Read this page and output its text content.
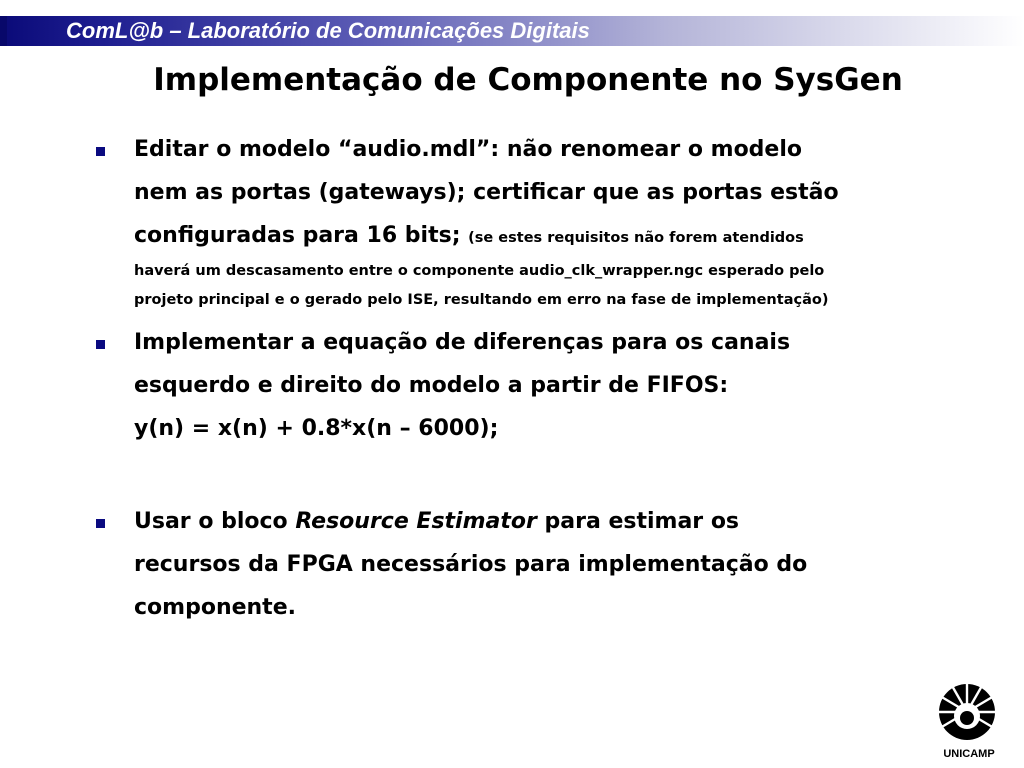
ComL@b – Laboratório de Comunicações Digitais
Implementação de Componente no SysGen
Editar o modelo “audio.mdl”: não renomear o modelo
nem as portas (gateways); certificar que as portas estão
configuradas para 16 bits; (se estes requisitos não forem atendidos
haverá um descasamento entre o componente audio_clk_wrapper.ngc esperado pelo
projeto principal e o gerado pelo ISE, resultando em erro na fase de implementação)
Implementar a equação de diferenças para os canais
esquerdo e direito do modelo a partir de FIFOS:
y(n) = x(n) + 0.8*x(n – 6000);
Usar o bloco Resource Estimator para estimar os
recursos da FPGA necessários para implementação do
componente.
UNICAMP
